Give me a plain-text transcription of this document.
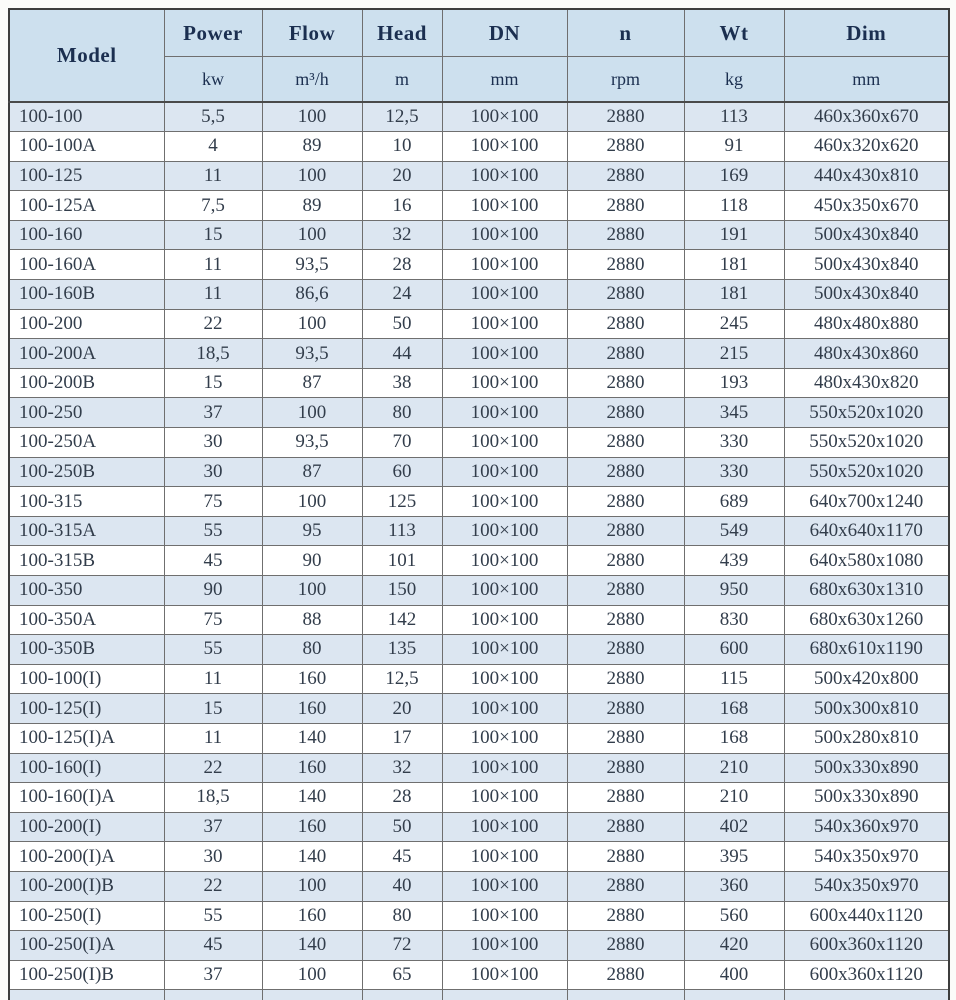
Model	Power	Flow	Head	DN	n	Wt	Dim
	kw	m³/h	m	mm	rpm	kg	mm
100-100	5,5	100	12,5	100×100	2880	113	460x360x670
100-100A	4	89	10	100×100	2880	91	460x320x620
100-125	11	100	20	100×100	2880	169	440x430x810
100-125A	7,5	89	16	100×100	2880	118	450x350x670
100-160	15	100	32	100×100	2880	191	500x430x840
100-160A	11	93,5	28	100×100	2880	181	500x430x840
100-160B	11	86,6	24	100×100	2880	181	500x430x840
100-200	22	100	50	100×100	2880	245	480x480x880
100-200A	18,5	93,5	44	100×100	2880	215	480x430x860
100-200B	15	87	38	100×100	2880	193	480x430x820
100-250	37	100	80	100×100	2880	345	550x520x1020
100-250A	30	93,5	70	100×100	2880	330	550x520x1020
100-250B	30	87	60	100×100	2880	330	550x520x1020
100-315	75	100	125	100×100	2880	689	640x700x1240
100-315A	55	95	113	100×100	2880	549	640x640x1170
100-315B	45	90	101	100×100	2880	439	640x580x1080
100-350	90	100	150	100×100	2880	950	680x630x1310
100-350A	75	88	142	100×100	2880	830	680x630x1260
100-350B	55	80	135	100×100	2880	600	680x610x1190
100-100(I)	11	160	12,5	100×100	2880	115	500x420x800
100-125(I)	15	160	20	100×100	2880	168	500x300x810
100-125(I)A	11	140	17	100×100	2880	168	500x280x810
100-160(I)	22	160	32	100×100	2880	210	500x330x890
100-160(I)A	18,5	140	28	100×100	2880	210	500x330x890
100-200(I)	37	160	50	100×100	2880	402	540x360x970
100-200(I)A	30	140	45	100×100	2880	395	540x350x970
100-200(I)B	22	100	40	100×100	2880	360	540x350x970
100-250(I)	55	160	80	100×100	2880	560	600x440x1120
100-250(I)A	45	140	72	100×100	2880	420	600x360x1120
100-250(I)B	37	100	65	100×100	2880	400	600x360x1120
